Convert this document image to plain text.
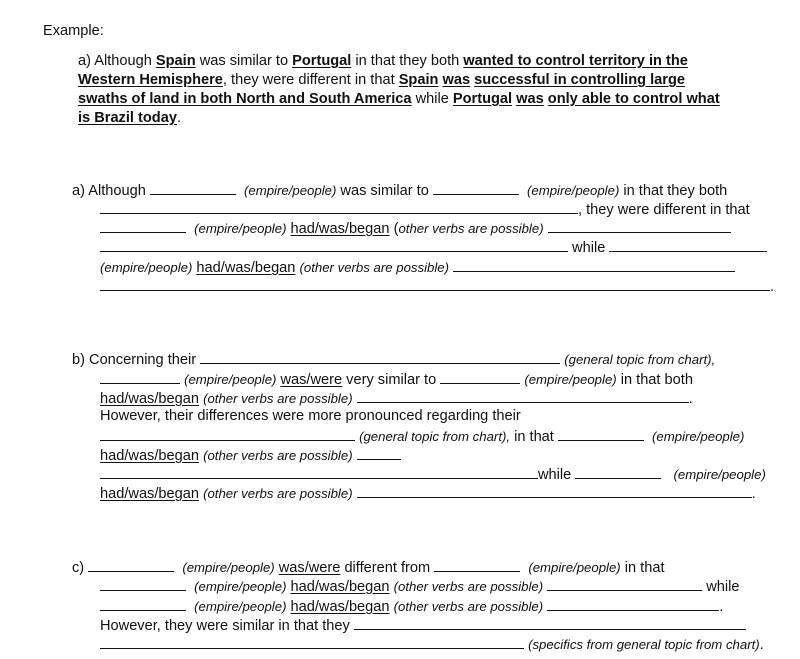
Example:
a) Although Spain was similar to Portugal in that they both wanted to control territory in the
Western Hemisphere, they were different in that Spain was successful in controlling large
swaths of land in both North and South America while Portugal was only able to control what
is Brazil today.
a) Although	(empire/people) was similar to	(empire/people) in that they both
, they were different in that
(empire/people) had/was/began (other verbs are possible)
while
(empire/people) had/was/began (other verbs are possible)
.
b) Concerning their	(general topic from chart),
(empire/people) was/were very similar to	(empire/people) in that both
had/was/began (other verbs are possible)	.
However, their differences were more pronounced regarding their
(general topic from chart), in that	(empire/people)
had/was/began (other verbs are possible)
while	(empire/people)
had/was/began (other verbs are possible)	.
c)	(empire/people) was/were different from	(empire/people) in that
(empire/people) had/was/began (other verbs are possible)	while
(empire/people) had/was/began (other verbs are possible)	.
However, they were similar in that they
(specifics from general topic from chart).
